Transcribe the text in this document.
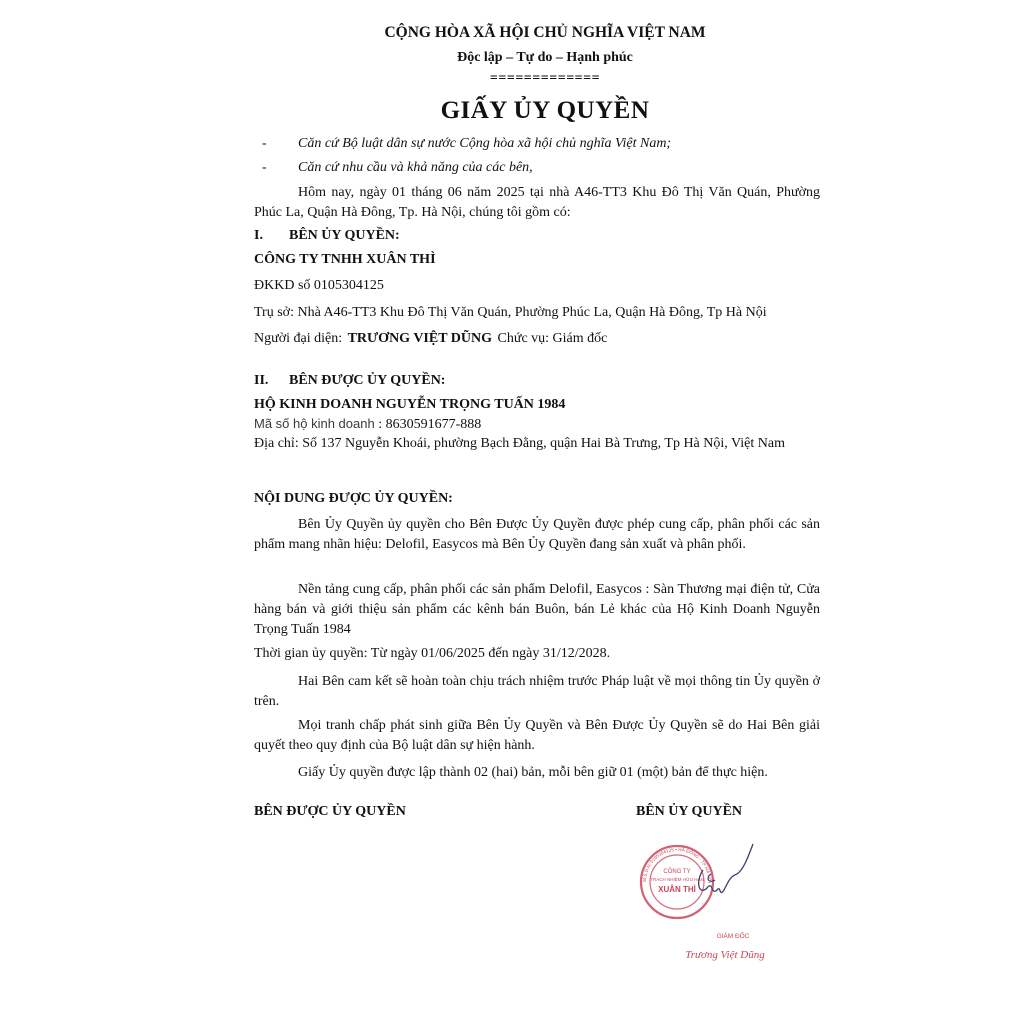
CỘNG HÒA XÃ HỘI CHỦ NGHĨA VIỆT NAM
Độc lập – Tự do – Hạnh phúc
=============
GIẤY ỦY QUYỀN
- Căn cứ Bộ luật dân sự nước Cộng hòa xã hội chủ nghĩa Việt Nam;
- Căn cứ nhu cầu và khả năng của các bên,
Hôm nay, ngày 01 tháng 06 năm 2025 tại nhà A46-TT3 Khu Đô Thị Văn Quán, Phường Phúc La, Quận Hà Đông, Tp. Hà Nội, chúng tôi gồm có:
I. BÊN ỦY QUYỀN:
CÔNG TY TNHH XUÂN THÌ
ĐKKD số 0105304125
Trụ sở: Nhà A46-TT3 Khu Đô Thị Văn Quán, Phường Phúc La, Quận Hà Đông, Tp Hà Nội
Người đại diện: TRƯƠNG VIỆT DŨNG Chức vụ: Giám đốc
II. BÊN ĐƯỢC ỦY QUYỀN:
HỘ KINH DOANH NGUYỄN TRỌNG TUẤN 1984
Mã số hộ kinh doanh : 8630591677-888
Địa chỉ: Số 137 Nguyễn Khoái, phường Bạch Đằng, quận Hai Bà Trưng, Tp Hà Nội, Việt Nam
NỘI DUNG ĐƯỢC ỦY QUYỀN:
Bên Ủy Quyền ủy quyền cho Bên Được Ủy Quyền được phép cung cấp, phân phối các sản phẩm mang nhãn hiệu: Delofil, Easycos mà Bên Ủy Quyền đang sản xuất và phân phối.
Nền tảng cung cấp, phân phối các sản phẩm Delofil, Easycos : Sàn Thương mại điện tử, Cửa hàng bán và giới thiệu sản phẩm các kênh bán Buôn, bán Lẻ khác của Hộ Kinh Doanh Nguyễn Trọng Tuấn 1984
Thời gian ủy quyền: Từ ngày 01/06/2025 đến ngày 31/12/2028.
Hai Bên cam kết sẽ hoàn toàn chịu trách nhiệm trước Pháp luật về mọi thông tin Ủy quyền ở trên.
Mọi tranh chấp phát sinh giữa Bên Ủy Quyền và Bên Được Ủy Quyền sẽ do Hai Bên giải quyết theo quy định của Bộ luật dân sự hiện hành.
Giấy Ủy quyền được lập thành 02 (hai) bản, mỗi bên giữ 01 (một) bản để thực hiện.
BÊN ĐƯỢC ỦY QUYỀN	BÊN ỦY QUYỀN
CÔNG TY
TRÁCH NHIỆM HỮU HẠN
XUÂN THÌ
M.S.D.N: 0105304125 • HÀ ĐÔNG - TP HÀ NỘI
GIÁM ĐỐC
Trương Việt Dũng
